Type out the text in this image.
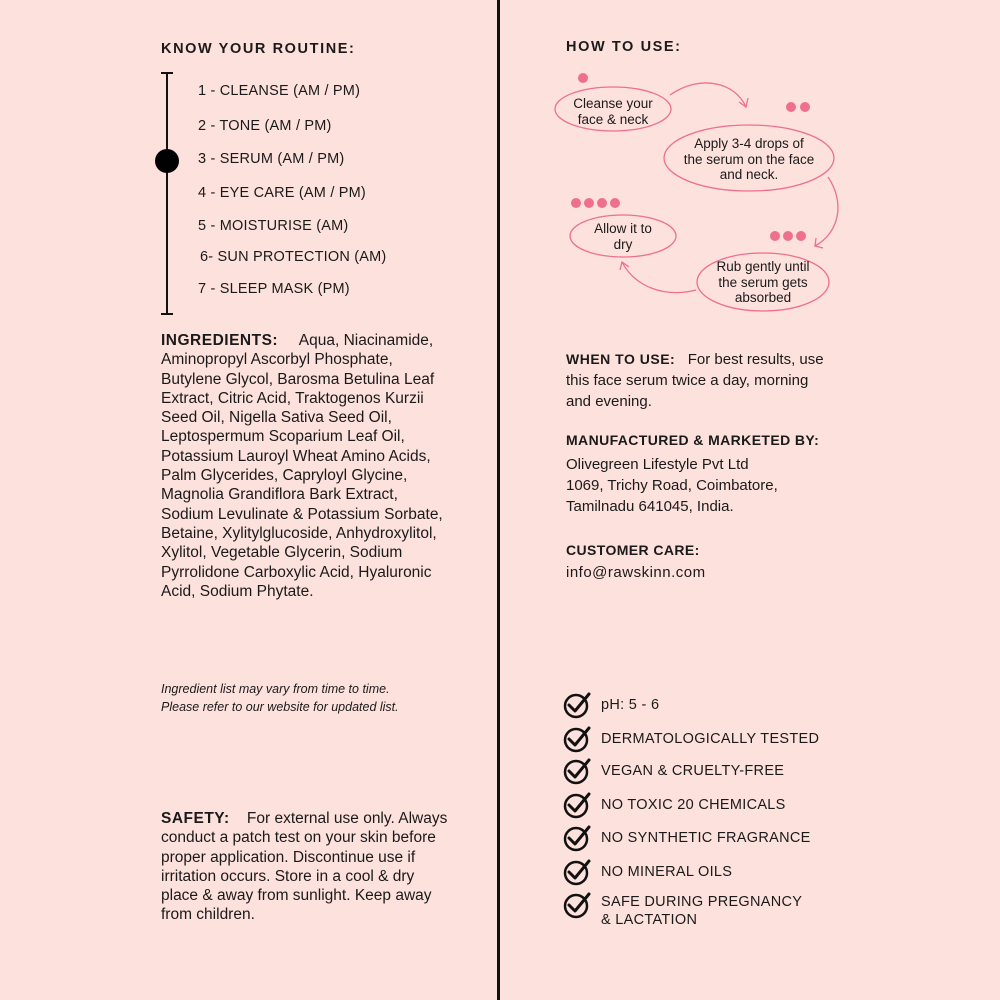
KNOW YOUR ROUTINE:

1 - CLEANSE (AM / PM)

2 - TONE (AM / PM)

3 - SERUM (AM / PM)

4 - EYE CARE (AM / PM)

5 - MOISTURISE (AM)

6- SUN PROTECTION (AM)

7 - SLEEP MASK (PM)

INGREDIENTS: Aqua, Niacinamide, Aminopropyl Ascorbyl Phosphate, Butylene Glycol, Barosma Betulina Leaf Extract, Citric Acid, Traktogenos Kurzii Seed Oil, Nigella Sativa Seed Oil, Leptospermum Scoparium Leaf Oil, Potassium Lauroyl Wheat Amino Acids, Palm Glycerides, Capryloyl Glycine, Magnolia Grandiflora Bark Extract, Sodium Levulinate & Potassium Sorbate, Betaine, Xylitylglucoside, Anhydroxylitol, Xylitol, Vegetable Glycerin, Sodium Pyrrolidone Carboxylic Acid, Hyaluronic Acid, Sodium Phytate.

Ingredient list may vary from time to time.
Please refer to our website for updated list.

SAFETY: For external use only. Always conduct a patch test on your skin before proper application. Discontinue use if irritation occurs. Store in a cool & dry place & away from sunlight. Keep away from children.

HOW TO USE:

Cleanse your
face & neck

Apply 3-4 drops of
the serum on the face
and neck.

Rub gently until
the serum gets
absorbed

Allow it to
dry

WHEN TO USE: For best results, use this face serum twice a day, morning and evening.

MANUFACTURED & MARKETED BY:
Olivegreen Lifestyle Pvt Ltd
1069, Trichy Road, Coimbatore,
Tamilnadu 641045, India.
CUSTOMER CARE:
info@rawskinn.com

pH: 5 - 6

DERMATOLOGICALLY TESTED

VEGAN & CRUELTY-FREE

NO TOXIC 20 CHEMICALS

NO SYNTHETIC FRAGRANCE

NO MINERAL OILS

SAFE DURING PREGNANCY
& LACTATION
